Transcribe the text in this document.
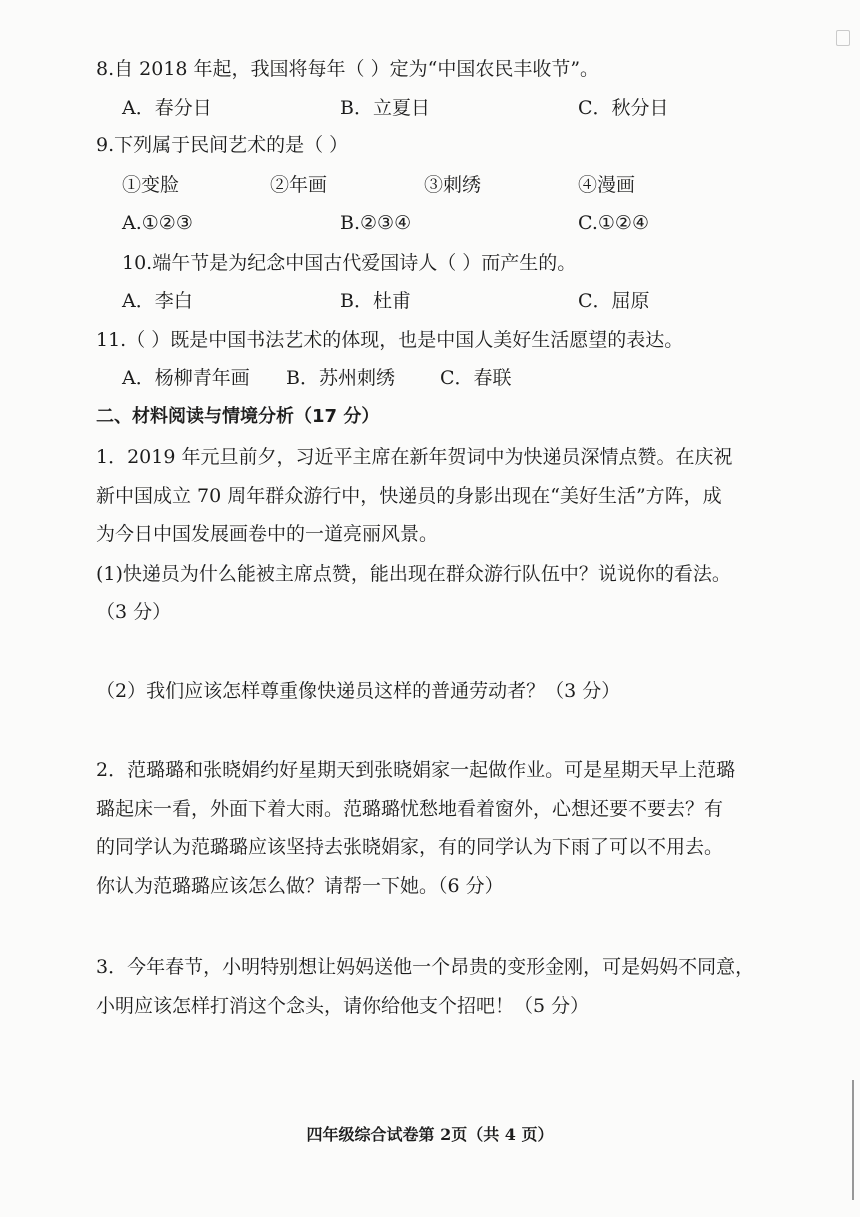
8.自 2018 年起，我国将每年（ ）定为“中国农民丰收节”。
A．春分日	B．立夏日	C．秋分日
9.下列属于民间艺术的是（ ）
①变脸	②年画	③刺绣	④漫画
A.①②③	B.②③④	C.①②④
10.端午节是为纪念中国古代爱国诗人（ ）而产生的。
A．李白	B．杜甫	C．屈原
11.（ ）既是中国书法艺术的体现，也是中国人美好生活愿望的表达。
A．杨柳青年画 B．苏州刺绣 C．春联
二、材料阅读与情境分析（17 分）
1．2019 年元旦前夕，习近平主席在新年贺词中为快递员深情点赞。在庆祝
新中国成立 70 周年群众游行中，快递员的身影出现在“美好生活”方阵，成
为今日中国发展画卷中的一道亮丽风景。
(1)快递员为什么能被主席点赞，能出现在群众游行队伍中？说说你的看法。
（3 分）
（2）我们应该怎样尊重像快递员这样的普通劳动者？（3 分）
2．范璐璐和张晓娟约好星期天到张晓娟家一起做作业。可是星期天早上范璐
璐起床一看，外面下着大雨。范璐璐忧愁地看着窗外，心想还要不要去？有
的同学认为范璐璐应该坚持去张晓娟家，有的同学认为下雨了可以不用去。
你认为范璐璐应该怎么做？请帮一下她。（6 分）
3．今年春节，小明特别想让妈妈送他一个昂贵的变形金刚，可是妈妈不同意，
小明应该怎样打消这个念头，请你给他支个招吧！（5 分）
四年级综合试卷第 2页（共 4 页）
